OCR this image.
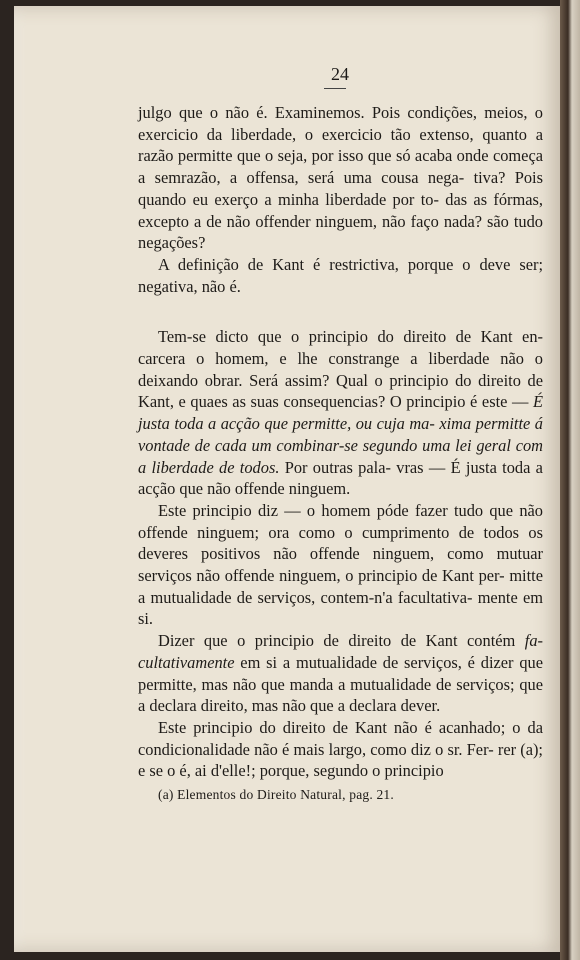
24

julgo que o não é. Examinemos. Pois condições, meios, o exercicio da liberdade, o exercicio tão extenso, quanto a razão permitte que o seja, por isso que só acaba onde começa a semrazão, a offensa, será uma cousa nega- tiva? Pois quando eu exerço a minha liberdade por to- das as fórmas, excepto a de não offender ninguem, não faço nada? são tudo negações?

A definição de Kant é restrictiva, porque o deve ser; negativa, não é.

Tem-se dicto que o principio do direito de Kant en- carcera o homem, e lhe constrange a liberdade não o deixando obrar. Será assim? Qual o principio do direito de Kant, e quaes as suas consequencias? O principio é este — É justa toda a acção que permitte, ou cuja ma- xima permitte á vontade de cada um combinar-se segundo uma lei geral com a liberdade de todos. Por outras pala- vras — É justa toda a acção que não offende ninguem.

Este principio diz — o homem póde fazer tudo que não offende ninguem; ora como o cumprimento de todos os deveres positivos não offende ninguem, como mutuar serviços não offende ninguem, o principio de Kant per- mitte a mutualidade de serviços, contem-n'a facultativa- mente em si.

Dizer que o principio de direito de Kant contém fa- cultativamente em si a mutualidade de serviços, é dizer que permitte, mas não que manda a mutualidade de serviços; que a declara direito, mas não que a declara dever.

Este principio do direito de Kant não é acanhado; o da condicionalidade não é mais largo, como diz o sr. Fer- rer (a); e se o é, ai d'elle!; porque, segundo o principio

(a) Elementos do Direito Natural, pag. 21.
